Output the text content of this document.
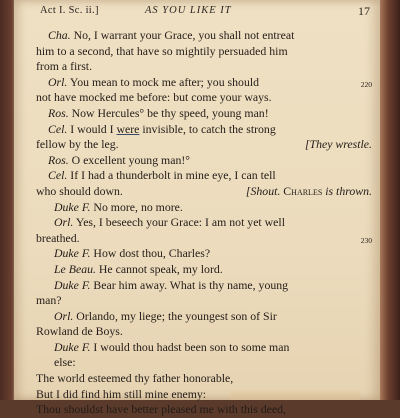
Act I. Sc. ii.]	AS YOU LIKE IT	17
Cha. No, I warrant your Grace, you shall not entreat
him to a second, that have so mightily persuaded him
from a first.
Orl. You mean to mock me after; you should	220
not have mocked me before: but come your ways.
Ros. Now Hercules° be thy speed, young man!
Cel. I would I were invisible, to catch the strong
fellow by the leg.	[They wrestle.
Ros. O excellent young man!°
Cel. If I had a thunderbolt in mine eye, I can tell
who should down.	[Shout. Charles is thrown.
Duke F. No more, no more.
Orl. Yes, I beseech your Grace: I am not yet well
breathed.	230
Duke F. How dost thou, Charles?
Le Beau. He cannot speak, my lord.
Duke F. Bear him away. What is thy name, young
man?
Orl. Orlando, my liege; the youngest son of Sir
Rowland de Boys.
Duke F. I would thou hadst been son to some man
else:
The world esteemed thy father honorable,
But I did find him still mine enemy:
Thou shouldst have better pleased me with this deed,
